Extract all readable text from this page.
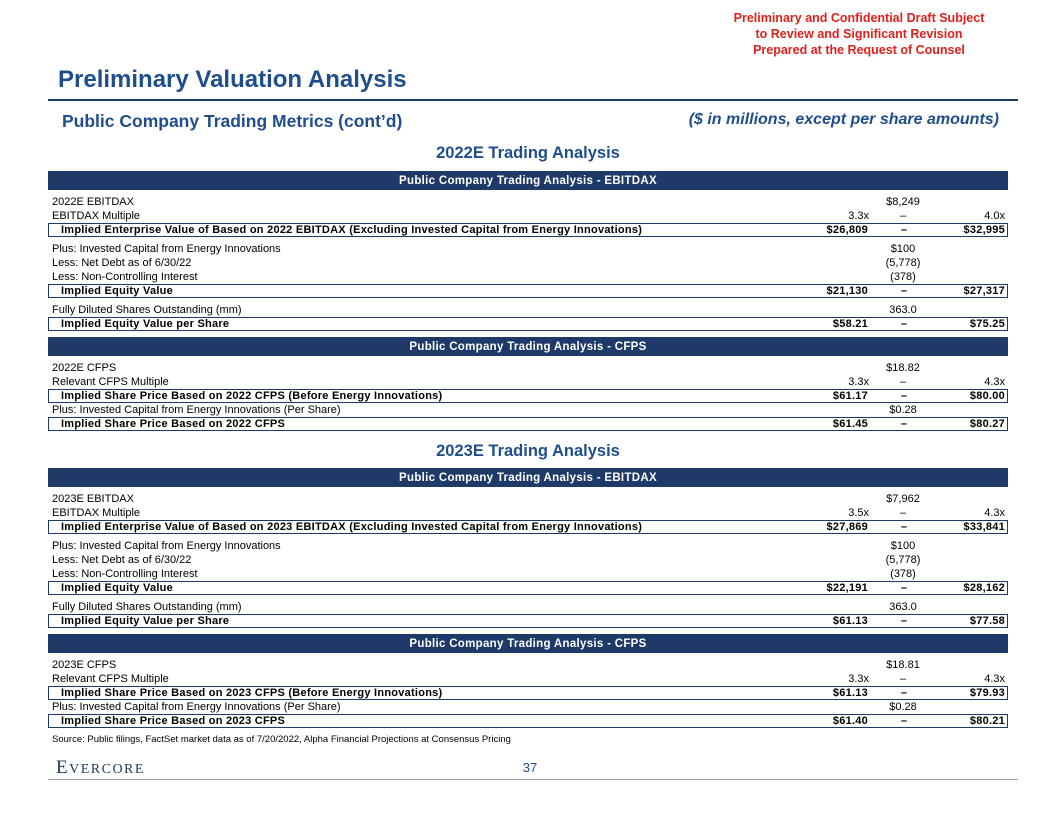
Preliminary and Confidential Draft Subject
to Review and Significant Revision
Prepared at the Request of Counsel
Preliminary Valuation Analysis
Public Company Trading Metrics (cont’d)	($ in millions, except per share amounts)
2022E Trading Analysis
Public Company Trading Analysis - EBITDAX
2022E EBITDAX	$8,249
EBITDAX Multiple	3.3x	–	4.0x
Implied Enterprise Value of Based on 2022 EBITDAX (Excluding Invested Capital from Energy Innovations)	$26,809	–	$32,995
Plus: Invested Capital from Energy Innovations	$100
Less: Net Debt as of 6/30/22	(5,778)
Less: Non-Controlling Interest	(378)
Implied Equity Value	$21,130	–	$27,317
Fully Diluted Shares Outstanding (mm)	363.0
Implied Equity Value per Share	$58.21	–	$75.25
Public Company Trading Analysis - CFPS
2022E CFPS	$18.82
Relevant CFPS Multiple	3.3x	–	4.3x
Implied Share Price Based on 2022 CFPS (Before Energy Innovations)	$61.17	–	$80.00
Plus: Invested Capital from Energy Innovations (Per Share)	$0.28
Implied Share Price Based on 2022 CFPS	$61.45	–	$80.27
2023E Trading Analysis
Public Company Trading Analysis - EBITDAX
2023E EBITDAX	$7,962
EBITDAX Multiple	3.5x	–	4.3x
Implied Enterprise Value of Based on 2023 EBITDAX (Excluding Invested Capital from Energy Innovations)	$27,869	–	$33,841
Plus: Invested Capital from Energy Innovations	$100
Less: Net Debt as of 6/30/22	(5,778)
Less: Non-Controlling Interest	(378)
Implied Equity Value	$22,191	–	$28,162
Fully Diluted Shares Outstanding (mm)	363.0
Implied Equity Value per Share	$61.13	–	$77.58
Public Company Trading Analysis - CFPS
2023E CFPS	$18.81
Relevant CFPS Multiple	3.3x	–	4.3x
Implied Share Price Based on 2023 CFPS (Before Energy Innovations)	$61.13	–	$79.93
Plus: Invested Capital from Energy Innovations (Per Share)	$0.28
Implied Share Price Based on 2023 CFPS	$61.40	–	$80.21
Source: Public filings, FactSet market data as of 7/20/2022, Alpha Financial Projections at Consensus Pricing
EVERCORE	37
